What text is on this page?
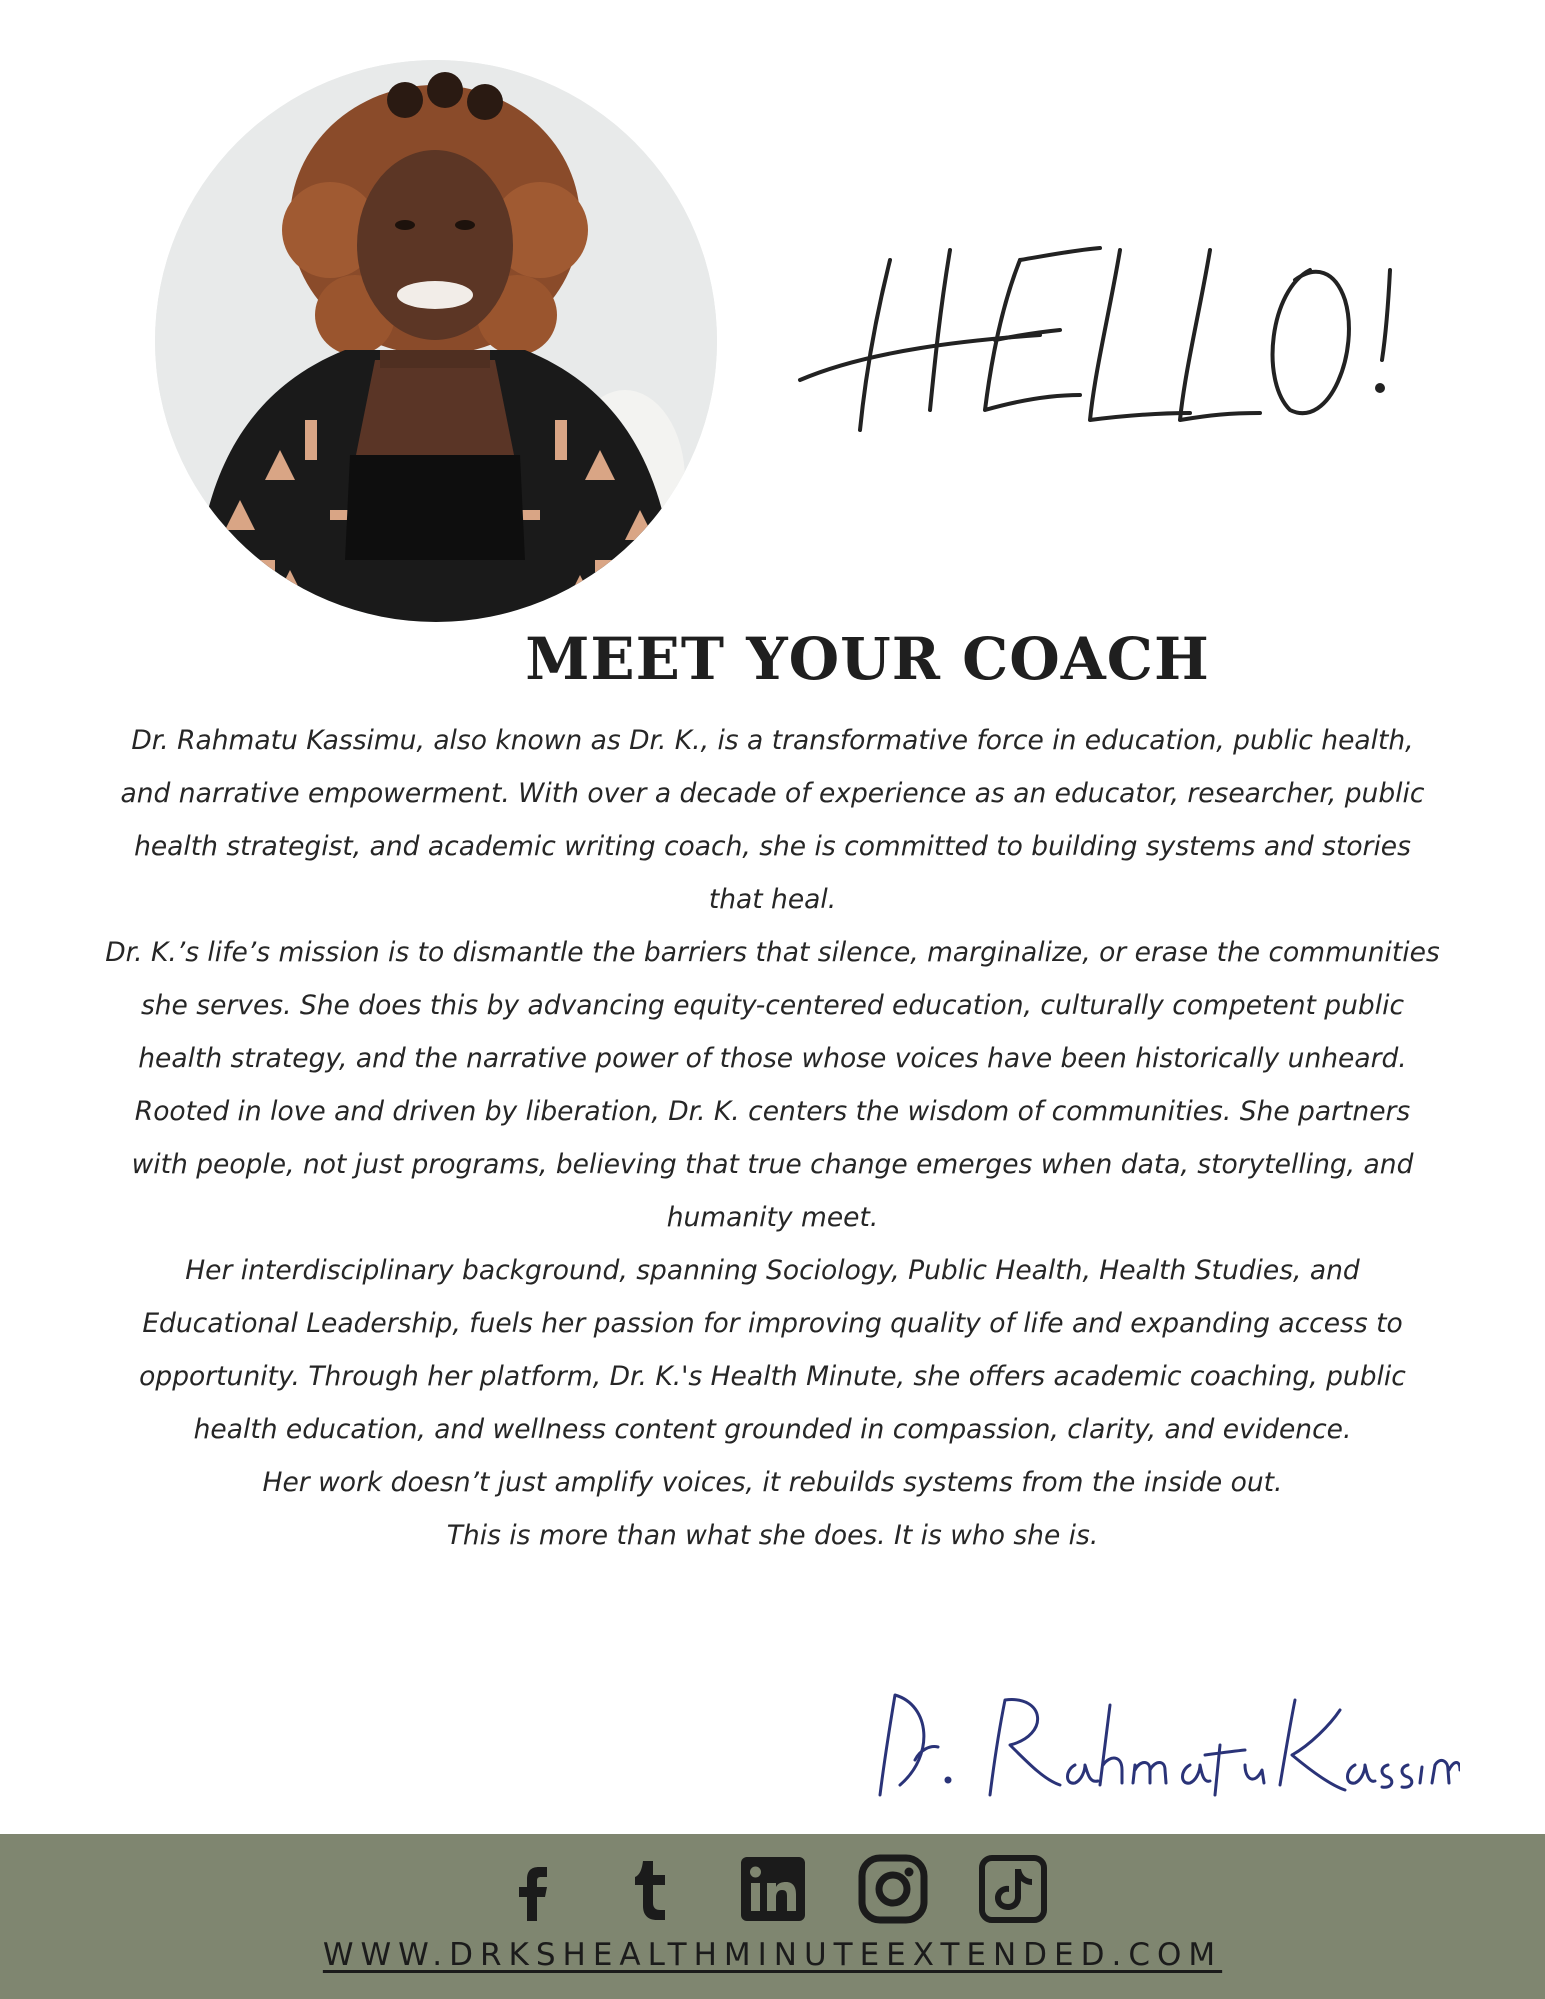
MEET YOUR COACH

Dr. Rahmatu Kassimu, also known as Dr. K., is a transformative force in education, public health, and narrative empowerment. With over a decade of experience as an educator, researcher, public health strategist, and academic writing coach, she is committed to building systems and stories that heal.

Dr. K.’s life’s mission is to dismantle the barriers that silence, marginalize, or erase the communities she serves. She does this by advancing equity-centered education, culturally competent public health strategy, and the narrative power of those whose voices have been historically unheard.

Rooted in love and driven by liberation, Dr. K. centers the wisdom of communities. She partners with people, not just programs, believing that true change emerges when data, storytelling, and humanity meet.

Her interdisciplinary background, spanning Sociology, Public Health, Health Studies, and Educational Leadership, fuels her passion for improving quality of life and expanding access to opportunity. Through her platform, Dr. K.'s Health Minute, she offers academic coaching, public health education, and wellness content grounded in compassion, clarity, and evidence.

Her work doesn’t just amplify voices, it rebuilds systems from the inside out.

This is more than what she does. It is who she is.

WWW.DRKSHEALTHMINUTEEXTENDED.COM
